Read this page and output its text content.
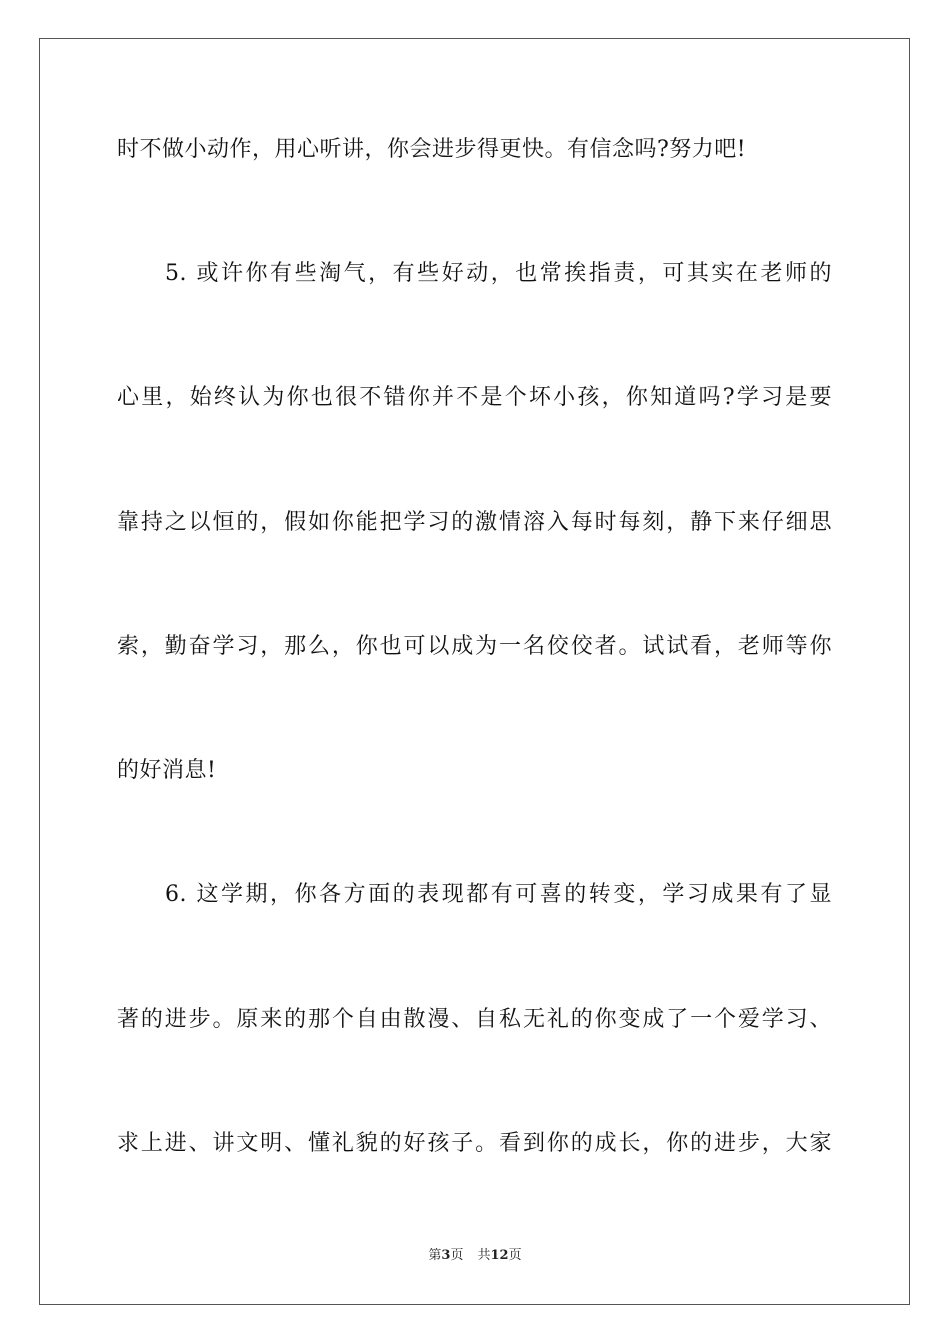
时不做小动作，用心听讲，你会进步得更快。有信念吗?努力吧!
5. 或许你有些淘气，有些好动，也常挨指责，可其实在老师的
心里，始终认为你也很不错你并不是个坏小孩，你知道吗?学习是要
靠持之以恒的，假如你能把学习的激情溶入每时每刻，静下来仔细思
索，勤奋学习，那么，你也可以成为一名佼佼者。试试看，老师等你
的好消息!
6. 这学期，你各方面的表现都有可喜的转变，学习成果有了显
著的进步。原来的那个自由散漫、自私无礼的你变成了一个爱学习、
求上进、讲文明、懂礼貌的好孩子。看到你的成长，你的进步，大家
第3页 共12页
